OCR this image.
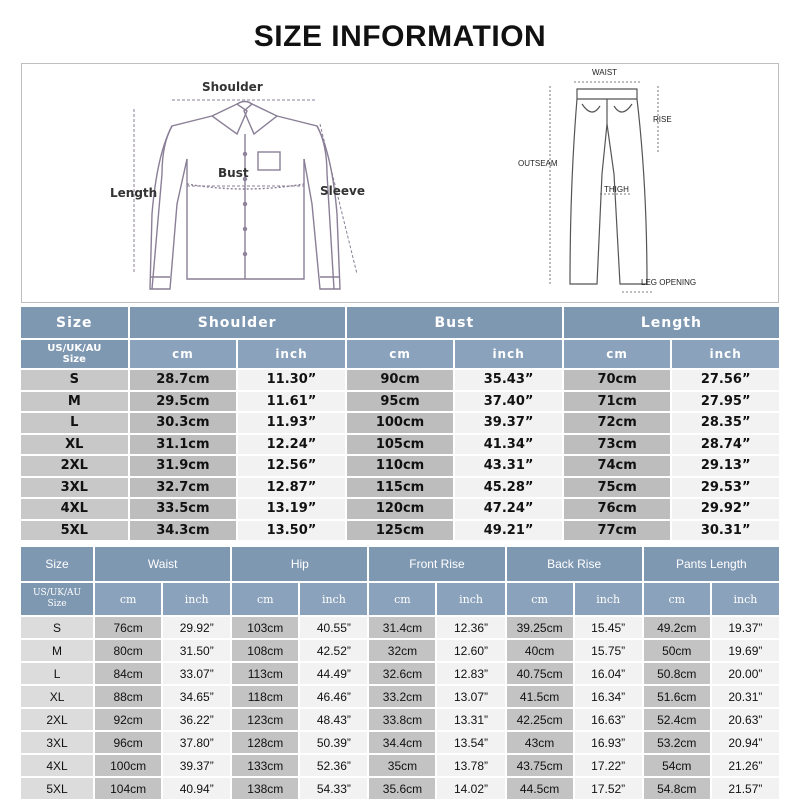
SIZE INFORMATION
Shoulder
Bust
Length	Sleeve
WAIST
RISE
OUTSEAM
THIGH
LEG OPENING
Size	Shoulder		Bust		Length	

US/UK/AU
Size	cm	inch	cm	inch	cm	inch
S	28.7cm	11.30”	90cm	35.43”	70cm	27.56”
M	29.5cm	11.61”	95cm	37.40”	71cm	27.95”
L	30.3cm	11.93”	100cm	39.37”	72cm	28.35”
XL	31.1cm	12.24”	105cm	41.34”	73cm	28.74”
2XL	31.9cm	12.56”	110cm	43.31”	74cm	29.13”
3XL	32.7cm	12.87”	115cm	45.28”	75cm	29.53”
4XL	33.5cm	13.19”	120cm	47.24”	76cm	29.92”
5XL	34.3cm	13.50”	125cm	49.21”	77cm	30.31”
Size	Waist		Hip		Front Rise		Back Rise		Pants Length	

US/UK/AU
Size	cm	inch	cm	inch	cm	inch	cm	inch	cm	inch
S	76cm	29.92”	103cm	40.55”	31.4cm	12.36”	39.25cm	15.45”	49.2cm	19.37”
M	80cm	31.50”	108cm	42.52”	32cm	12.60”	40cm	15.75”	50cm	19.69”
L	84cm	33.07”	113cm	44.49”	32.6cm	12.83”	40.75cm	16.04”	50.8cm	20.00”
XL	88cm	34.65”	118cm	46.46”	33.2cm	13.07”	41.5cm	16.34”	51.6cm	20.31”
2XL	92cm	36.22”	123cm	48.43”	33.8cm	13.31”	42.25cm	16.63”	52.4cm	20.63”
3XL	96cm	37.80”	128cm	50.39”	34.4cm	13.54”	43cm	16.93”	53.2cm	20.94”
4XL	100cm	39.37”	133cm	52.36”	35cm	13.78”	43.75cm	17.22”	54cm	21.26”
5XL	104cm	40.94”	138cm	54.33”	35.6cm	14.02”	44.5cm	17.52”	54.8cm	21.57”
